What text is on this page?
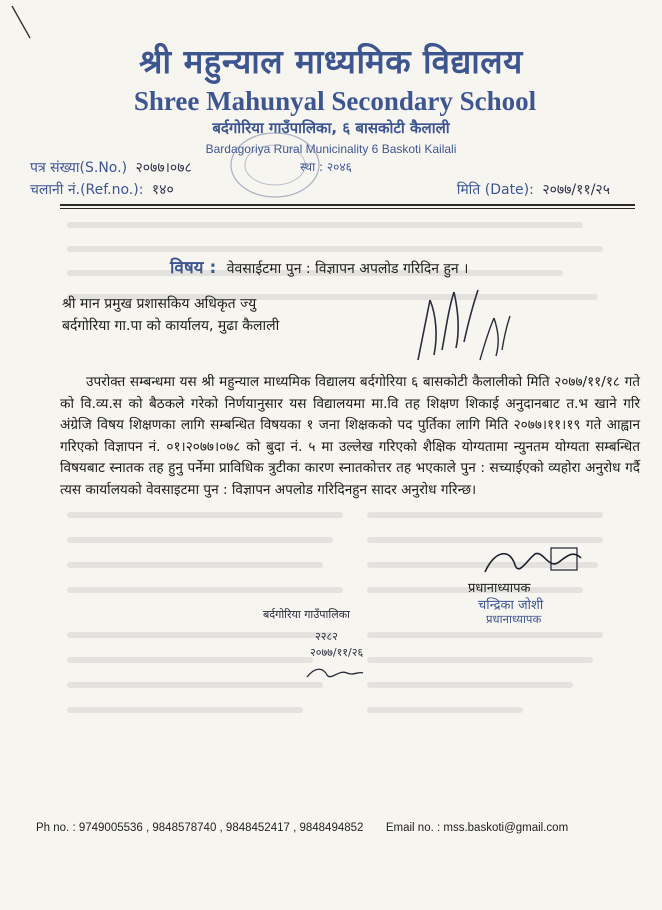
श्री महुन्याल माध्यमिक विद्यालय
Shree Mahunyal Secondary School
बर्दगोरिया गाउँपालिका, ६ बासकोटी कैलाली
Bardagoriya Rural Municinality 6 Baskoti Kailali
स्था : २०४६
पत्र संख्या(S.No.) २०७७।०७८
चलानी नं.(Ref.no.): १४०	मिति (Date): २०७७/११/२५
विषय : वेवसाईटमा पुन : विज्ञापन अपलोड गरिदिन हुन ।
श्री मान प्रमुख प्रशासकिय अधिकृत ज्यु
बर्दगोरिया गा.पा को कार्यालय, मुढा कैलाली
उपरोक्त सम्बन्धमा यस श्री महुन्याल माध्यमिक विद्यालय बर्दगोरिया ६ बासकोटी कैलालीको मिति २०७७/११/१८ गते को वि.व्य.स को बैठकले गरेको निर्णयानुसार यस विद्यालयमा मा.वि तह शिक्षण शिकाई अनुदानबाट त.भ खाने गरि अंग्रेजि विषय शिक्षणका लागि सम्बन्धित विषयका १ जना शिक्षकको पद पुर्तिका लागि मिति २०७७।११।१९ गते आह्वान गरिएको विज्ञापन नं. ०१।२०७७।०७८ को बुदा नं. ५ मा उल्लेख गरिएको शैक्षिक योग्यतामा न्युनतम योग्यता सम्बन्धित विषयबाट स्नातक तह हुनु पर्नेमा प्राविधिक त्रुटीका कारण स्नातकोत्तर तह भएकाले पुन : सच्याईएको व्यहोरा अनुरोध गर्दै त्यस कार्यालयको वेवसाइटमा पुन : विज्ञापन अपलोड गरिदिनहुन सादर अनुरोध गरिन्छ।
प्रधानाध्यापक
चन्द्रिका जोशी
प्रधानाध्यापक
बर्दगोरिया गाउँपालिका
२२८२
२०७७/११/२६
Ph no. : 9749005536 , 9848578740 , 9848452417 , 9848494852 Email no. : mss.baskoti@gmail.com
